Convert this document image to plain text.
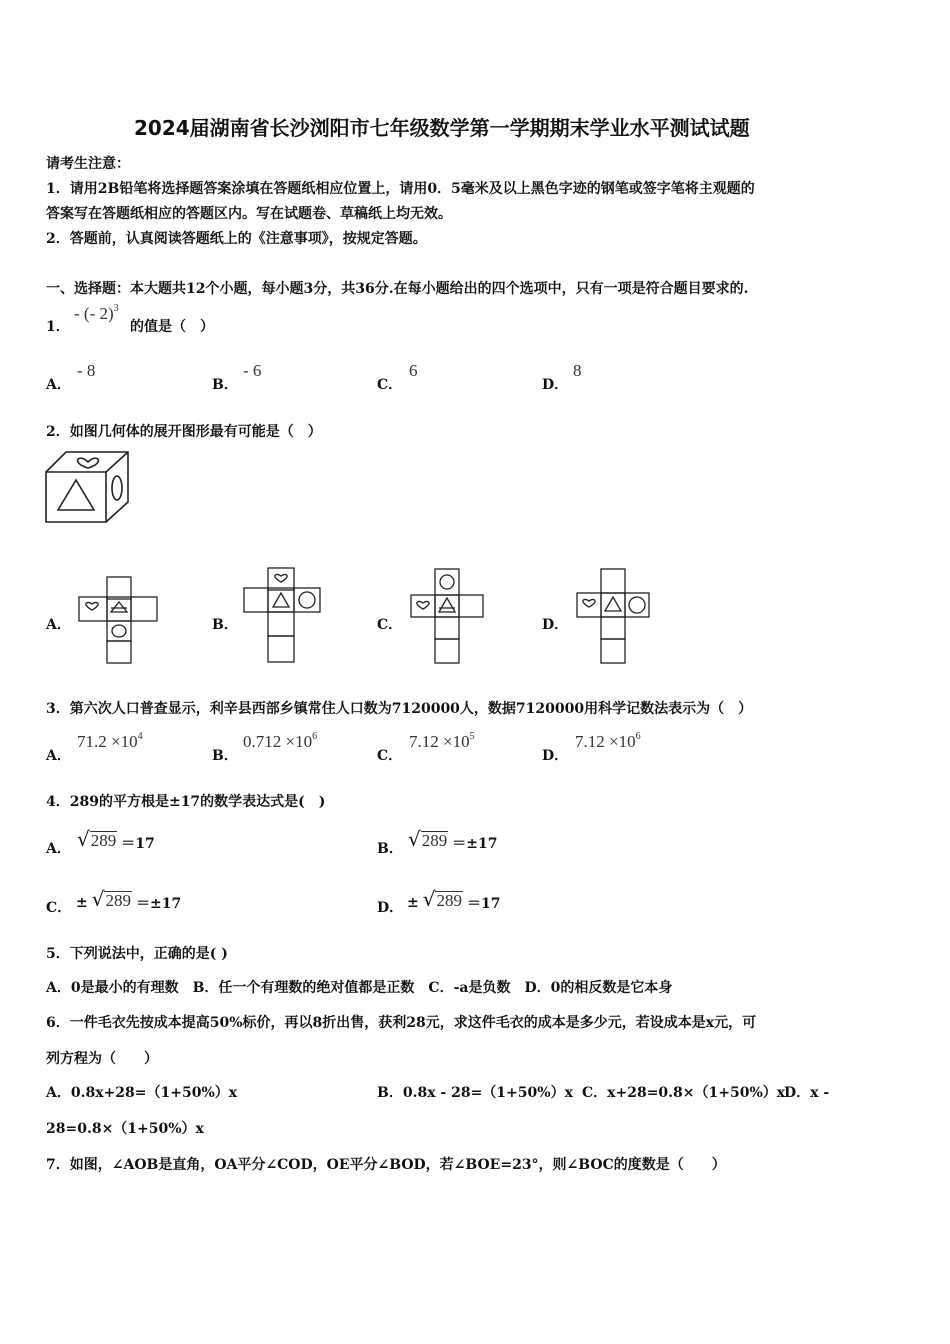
2024届湖南省长沙浏阳市七年级数学第一学期期末学业水平测试试题
请考生注意：
1．请用2B铅笔将选择题答案涂填在答题纸相应位置上，请用0．5毫米及以上黑色字迹的钢笔或签字笔将主观题的
答案写在答题纸相应的答题区内。写在试题卷、草稿纸上均无效。
2．答题前，认真阅读答题纸上的《注意事项》，按规定答题。
一、选择题：本大题共12个小题，每小题3分，共36分.在每小题给出的四个选项中，只有一项是符合题目要求的.
1．
- (- 2)$^3$
的值是（　）
A．
- 8
B．
- 6
C．
6
D．
8
2．如图几何体的展开图形最有可能是（　）
A．	B．	C．	D．
3．第六次人口普查显示，利辛县西部乡镇常住人口数为7120000人，数据7120000用科学记数法表示为（　）
A．
$71.2 \times 10^4$
B．
$0.712 \times 10^6$
C．
$7.12 \times 10^5$
D．
$7.12 \times 10^6$
4．289的平方根是±17的数学表达式是(　)
A． √ 289 ＝17	B． √ 289 ＝±17
C． ± √ 289 ＝±17	D． ± √ 289 ＝17
5．下列说法中，正确的是( )
A．0是最小的有理数　B．任一个有理数的绝对值都是正数　C．-a是负数　D．0的相反数是它本身
6．一件毛衣先按成本提高50%标价，再以8折出售，获利28元，求这件毛衣的成本是多少元，若设成本是x元，可
列方程为（　　）
A．0.8x+28=（1+50%）x	B．0.8x - 28=（1+50%）x C．x+28=0.8×（1+50%）x
D．x -
28=0.8×（1+50%）x
7．如图，∠AOB是直角，OA平分∠COD，OE平分∠BOD，若∠BOE=23°，则∠BOC的度数是（　　）
